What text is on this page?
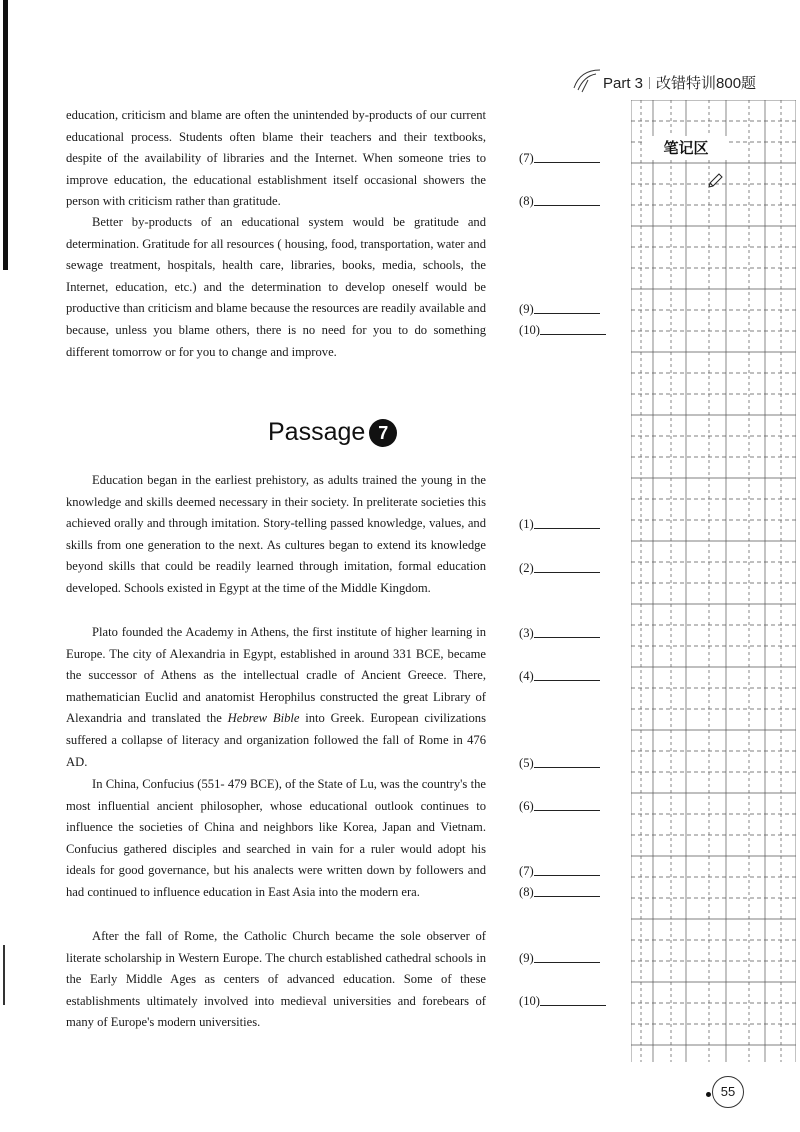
Part 3 改错特训800题
笔记区
education, criticism and blame are often the unintended by-products of our current educational process. Students often blame their teachers and their textbooks, despite of the availability of libraries and the Internet. When someone tries to improve education, the educational establishment itself occasional showers the person with criticism rather than gratitude.
Better by-products of an educational system would be gratitude and determination. Gratitude for all resources ( housing, food, transportation, water and sewage treatment, hospitals, health care, libraries, books, media, schools, the Internet, education, etc.) and the determination to develop oneself would be productive than criticism and blame because the resources are readily available and because, unless you blame others, there is no need for you to do something different tomorrow or for you to change and improve.
Passage 7
Education began in the earliest prehistory, as adults trained the young in the knowledge and skills deemed necessary in their society. In preliterate societies this achieved orally and through imitation. Story-telling passed knowledge, values, and skills from one generation to the next. As cultures began to extend its knowledge beyond skills that could be readily learned through imitation, formal education developed. Schools existed in Egypt at the time of the Middle Kingdom.
Plato founded the Academy in Athens, the first institute of higher learning in Europe. The city of Alexandria in Egypt, established in around 331 BCE, became the successor of Athens as the intellectual cradle of Ancient Greece. There, mathematician Euclid and anatomist Herophilus constructed the great Library of Alexandria and translated the Hebrew Bible into Greek. European civilizations suffered a collapse of literacy and organization followed the fall of Rome in 476 AD.
In China, Confucius (551- 479 BCE), of the State of Lu, was the country's the most influential ancient philosopher, whose educational outlook continues to influence the societies of China and neighbors like Korea, Japan and Vietnam. Confucius gathered disciples and searched in vain for a ruler would adopt his ideals for good governance, but his analects were written down by followers and had continued to influence education in East Asia into the modern era.
After the fall of Rome, the Catholic Church became the sole observer of literate scholarship in Western Europe. The church established cathedral schools in the Early Middle Ages as centers of advanced education. Some of these establishments ultimately involved into medieval universities and forebears of many of Europe's modern universities.
(7)
(8)
(9)
(10)
(1)
(2)
(3)
(4)
(5)
(6)
(7)
(8)
(9)
(10)
55
